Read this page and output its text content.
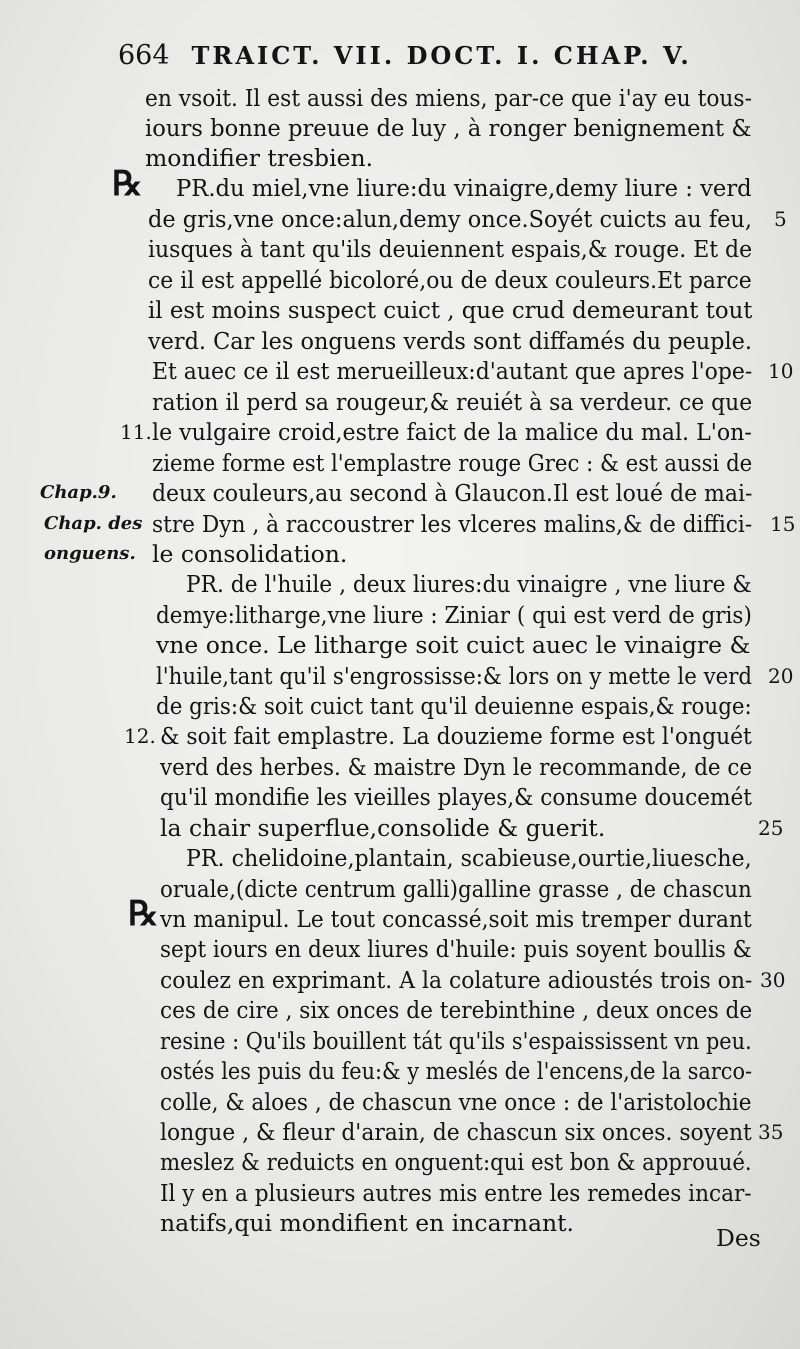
664 TRAICT. VII. DOCT. I. CHAP. V.
en vsoit. Il est aussi des miens, par-ce que i'ay eu tous-
iours bonne preuue de luy , à ronger benignement &
mondifier tresbien.
PR.du miel,vne liure:du vinaigre,demy liure : verd
de gris,vne once:alun,demy once.Soyét cuicts au feu,
iusques à tant qu'ils deuiennent espais,& rouge. Et de
ce il est appellé bicoloré,ou de deux couleurs.Et parce
il est moins suspect cuict , que crud demeurant tout
verd. Car les onguens verds sont diffamés du peuple.
Et auec ce il est merueilleux:d'autant que apres l'ope-
ration il perd sa rougeur,& reuiét à sa verdeur. ce que
le vulgaire croid,estre faict de la malice du mal. L'on-
zieme forme est l'emplastre rouge Grec : & est aussi de
deux couleurs,au second à Glaucon.Il est loué de mai-
stre Dyn , à raccoustrer les vlceres malins,& de diffici-
le consolidation.
PR. de l'huile , deux liures:du vinaigre , vne liure &
demye:litharge,vne liure : Ziniar ( qui est verd de gris)
vne once. Le litharge soit cuict auec le vinaigre &
l'huile,tant qu'il s'engrossisse:& lors on y mette le verd
de gris:& soit cuict tant qu'il deuienne espais,& rouge:
& soit fait emplastre. La douzieme forme est l'onguét
verd des herbes. & maistre Dyn le recommande, de ce
qu'il mondifie les vieilles playes,& consume doucemét
la chair superflue,consolide & guerit.
PR. chelidoine,plantain, scabieuse,ourtie,liuesche,
oruale,(dicte centrum galli)galline grasse , de chascun
vn manipul. Le tout concassé,soit mis tremper durant
sept iours en deux liures d'huile: puis soyent boullis &
coulez en exprimant. A la colature adioustés trois on-
ces de cire , six onces de terebinthine , deux onces de
resine : Qu'ils bouillent tát qu'ils s'espaississent vn peu.
ostés les puis du feu:& y meslés de l'encens,de la sarco-
colle, & aloes , de chascun vne once : de l'aristolochie
longue , & fleur d'arain, de chascun six onces. soyent
meslez & reduicts en onguent:qui est bon & approuué.
Il y en a plusieurs autres mis entre les remedes incar-
natifs,qui mondifient en incarnant.
℞
℞
5
10
15
20
25
30
35
11.
12.
Chap.9.
Chap. des
onguens.
Des
